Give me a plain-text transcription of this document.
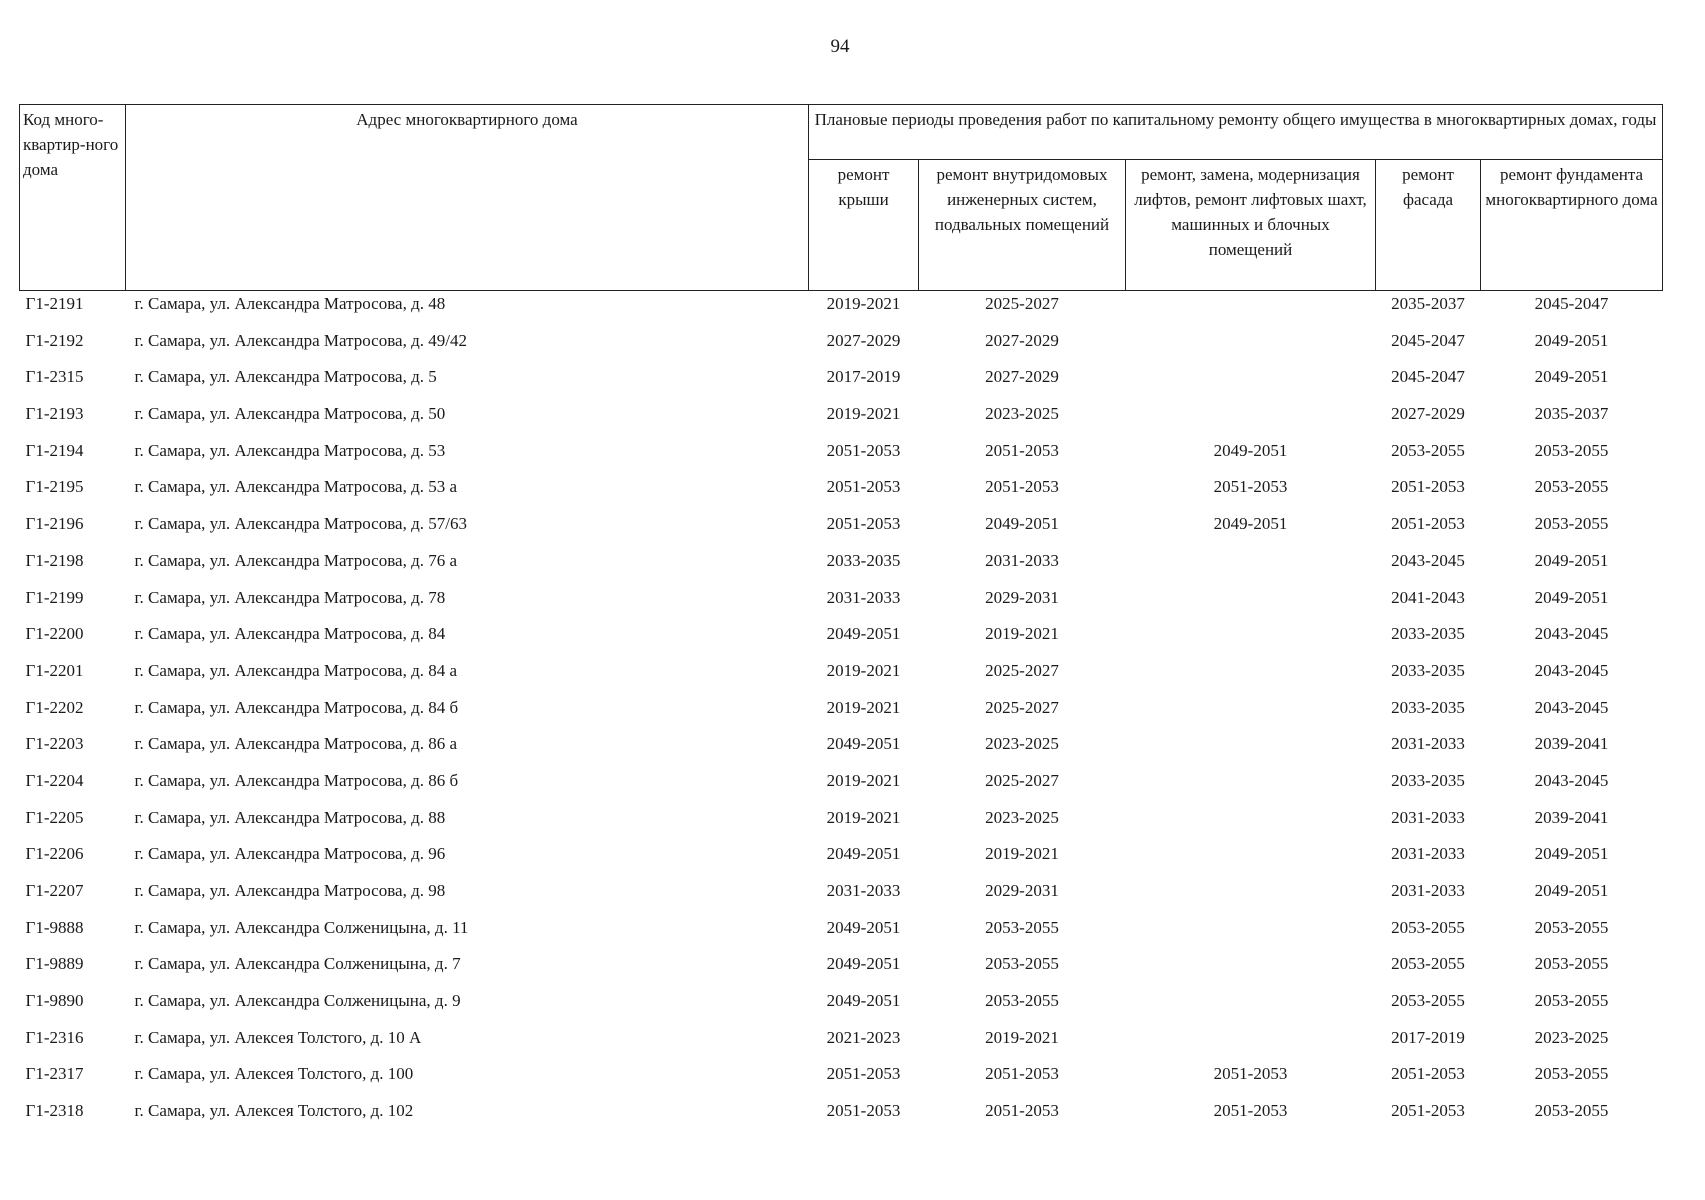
94
Код много-квартир-ного дома	Адрес многоквартирного дома	Плановые периоды проведения работ по капитальному ремонту общего имущества в многоквартирных домах, годы				
		ремонт крыши	ремонт внутридомовых инженерных систем, подвальных помещений	ремонт, замена, модернизация лифтов, ремонт лифтовых шахт, машинных и блочных помещений	ремонт фасада	ремонт фундамента многоквартирного дома
Г1-2191	г. Самара, ул. Александра Матросова, д. 48	2019-2021	2025-2027		2035-2037	2045-2047
Г1-2192	г. Самара, ул. Александра Матросова, д. 49/42	2027-2029	2027-2029		2045-2047	2049-2051
Г1-2315	г. Самара, ул. Александра Матросова, д. 5	2017-2019	2027-2029		2045-2047	2049-2051
Г1-2193	г. Самара, ул. Александра Матросова, д. 50	2019-2021	2023-2025		2027-2029	2035-2037
Г1-2194	г. Самара, ул. Александра Матросова, д. 53	2051-2053	2051-2053	2049-2051	2053-2055	2053-2055
Г1-2195	г. Самара, ул. Александра Матросова, д. 53 а	2051-2053	2051-2053	2051-2053	2051-2053	2053-2055
Г1-2196	г. Самара, ул. Александра Матросова, д. 57/63	2051-2053	2049-2051	2049-2051	2051-2053	2053-2055
Г1-2198	г. Самара, ул. Александра Матросова, д. 76 а	2033-2035	2031-2033		2043-2045	2049-2051
Г1-2199	г. Самара, ул. Александра Матросова, д. 78	2031-2033	2029-2031		2041-2043	2049-2051
Г1-2200	г. Самара, ул. Александра Матросова, д. 84	2049-2051	2019-2021		2033-2035	2043-2045
Г1-2201	г. Самара, ул. Александра Матросова, д. 84 а	2019-2021	2025-2027		2033-2035	2043-2045
Г1-2202	г. Самара, ул. Александра Матросова, д. 84 б	2019-2021	2025-2027		2033-2035	2043-2045
Г1-2203	г. Самара, ул. Александра Матросова, д. 86 а	2049-2051	2023-2025		2031-2033	2039-2041
Г1-2204	г. Самара, ул. Александра Матросова, д. 86 б	2019-2021	2025-2027		2033-2035	2043-2045
Г1-2205	г. Самара, ул. Александра Матросова, д. 88	2019-2021	2023-2025		2031-2033	2039-2041
Г1-2206	г. Самара, ул. Александра Матросова, д. 96	2049-2051	2019-2021		2031-2033	2049-2051
Г1-2207	г. Самара, ул. Александра Матросова, д. 98	2031-2033	2029-2031		2031-2033	2049-2051
Г1-9888	г. Самара, ул. Александра Солженицына, д. 11	2049-2051	2053-2055		2053-2055	2053-2055
Г1-9889	г. Самара, ул. Александра Солженицына, д. 7	2049-2051	2053-2055		2053-2055	2053-2055
Г1-9890	г. Самара, ул. Александра Солженицына, д. 9	2049-2051	2053-2055		2053-2055	2053-2055
Г1-2316	г. Самара, ул. Алексея Толстого, д. 10 А	2021-2023	2019-2021		2017-2019	2023-2025
Г1-2317	г. Самара, ул. Алексея Толстого, д. 100	2051-2053	2051-2053	2051-2053	2051-2053	2053-2055
Г1-2318	г. Самара, ул. Алексея Толстого, д. 102	2051-2053	2051-2053	2051-2053	2051-2053	2053-2055
